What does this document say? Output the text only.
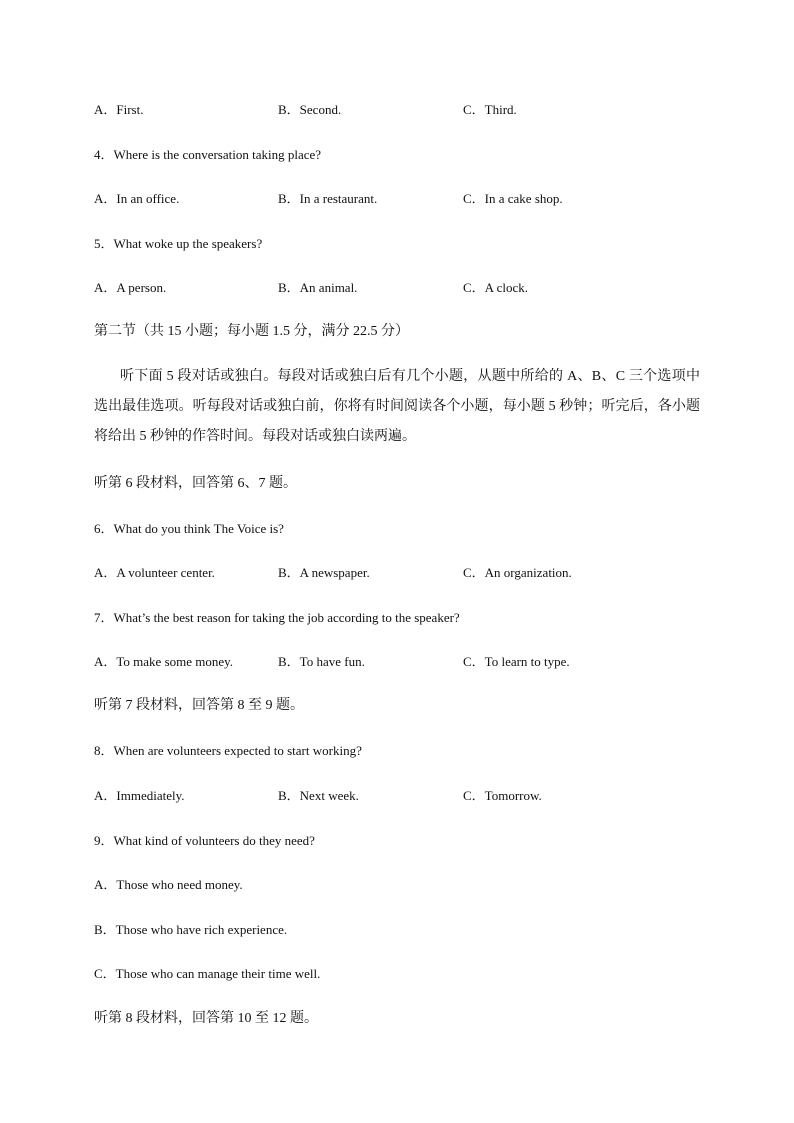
A．First.	B．Second.	C．Third.
4．Where is the conversation taking place?
A．In an office.	B．In a restaurant.	C．In a cake shop.
5．What woke up the speakers?
A．A person.	B．An animal.	C．A clock.
第二节（共 15 小题；每小题 1.5 分，满分 22.5 分）
听下面 5 段对话或独白。每段对话或独白后有几个小题，从题中所给的 A、B、C 三个选项中选出最佳选项。听每段对话或独白前，你将有时间阅读各个小题，每小题 5 秒钟；听完后，各小题将给出 5 秒钟的作答时间。每段对话或独白读两遍。
听第 6 段材料，回答第 6、7 题。
6．What do you think The Voice is?
A．A volunteer center.	B．A newspaper.	C．An organization.
7．What’s the best reason for taking the job according to the speaker?
A．To make some money.	B．To have fun.	C．To learn to type.
听第 7 段材料，回答第 8 至 9 题。
8．When are volunteers expected to start working?
A．Immediately.	B．Next week.	C．Tomorrow.
9．What kind of volunteers do they need?
A．Those who need money.
B．Those who have rich experience.
C．Those who can manage their time well.
听第 8 段材料，回答第 10 至 12 题。
